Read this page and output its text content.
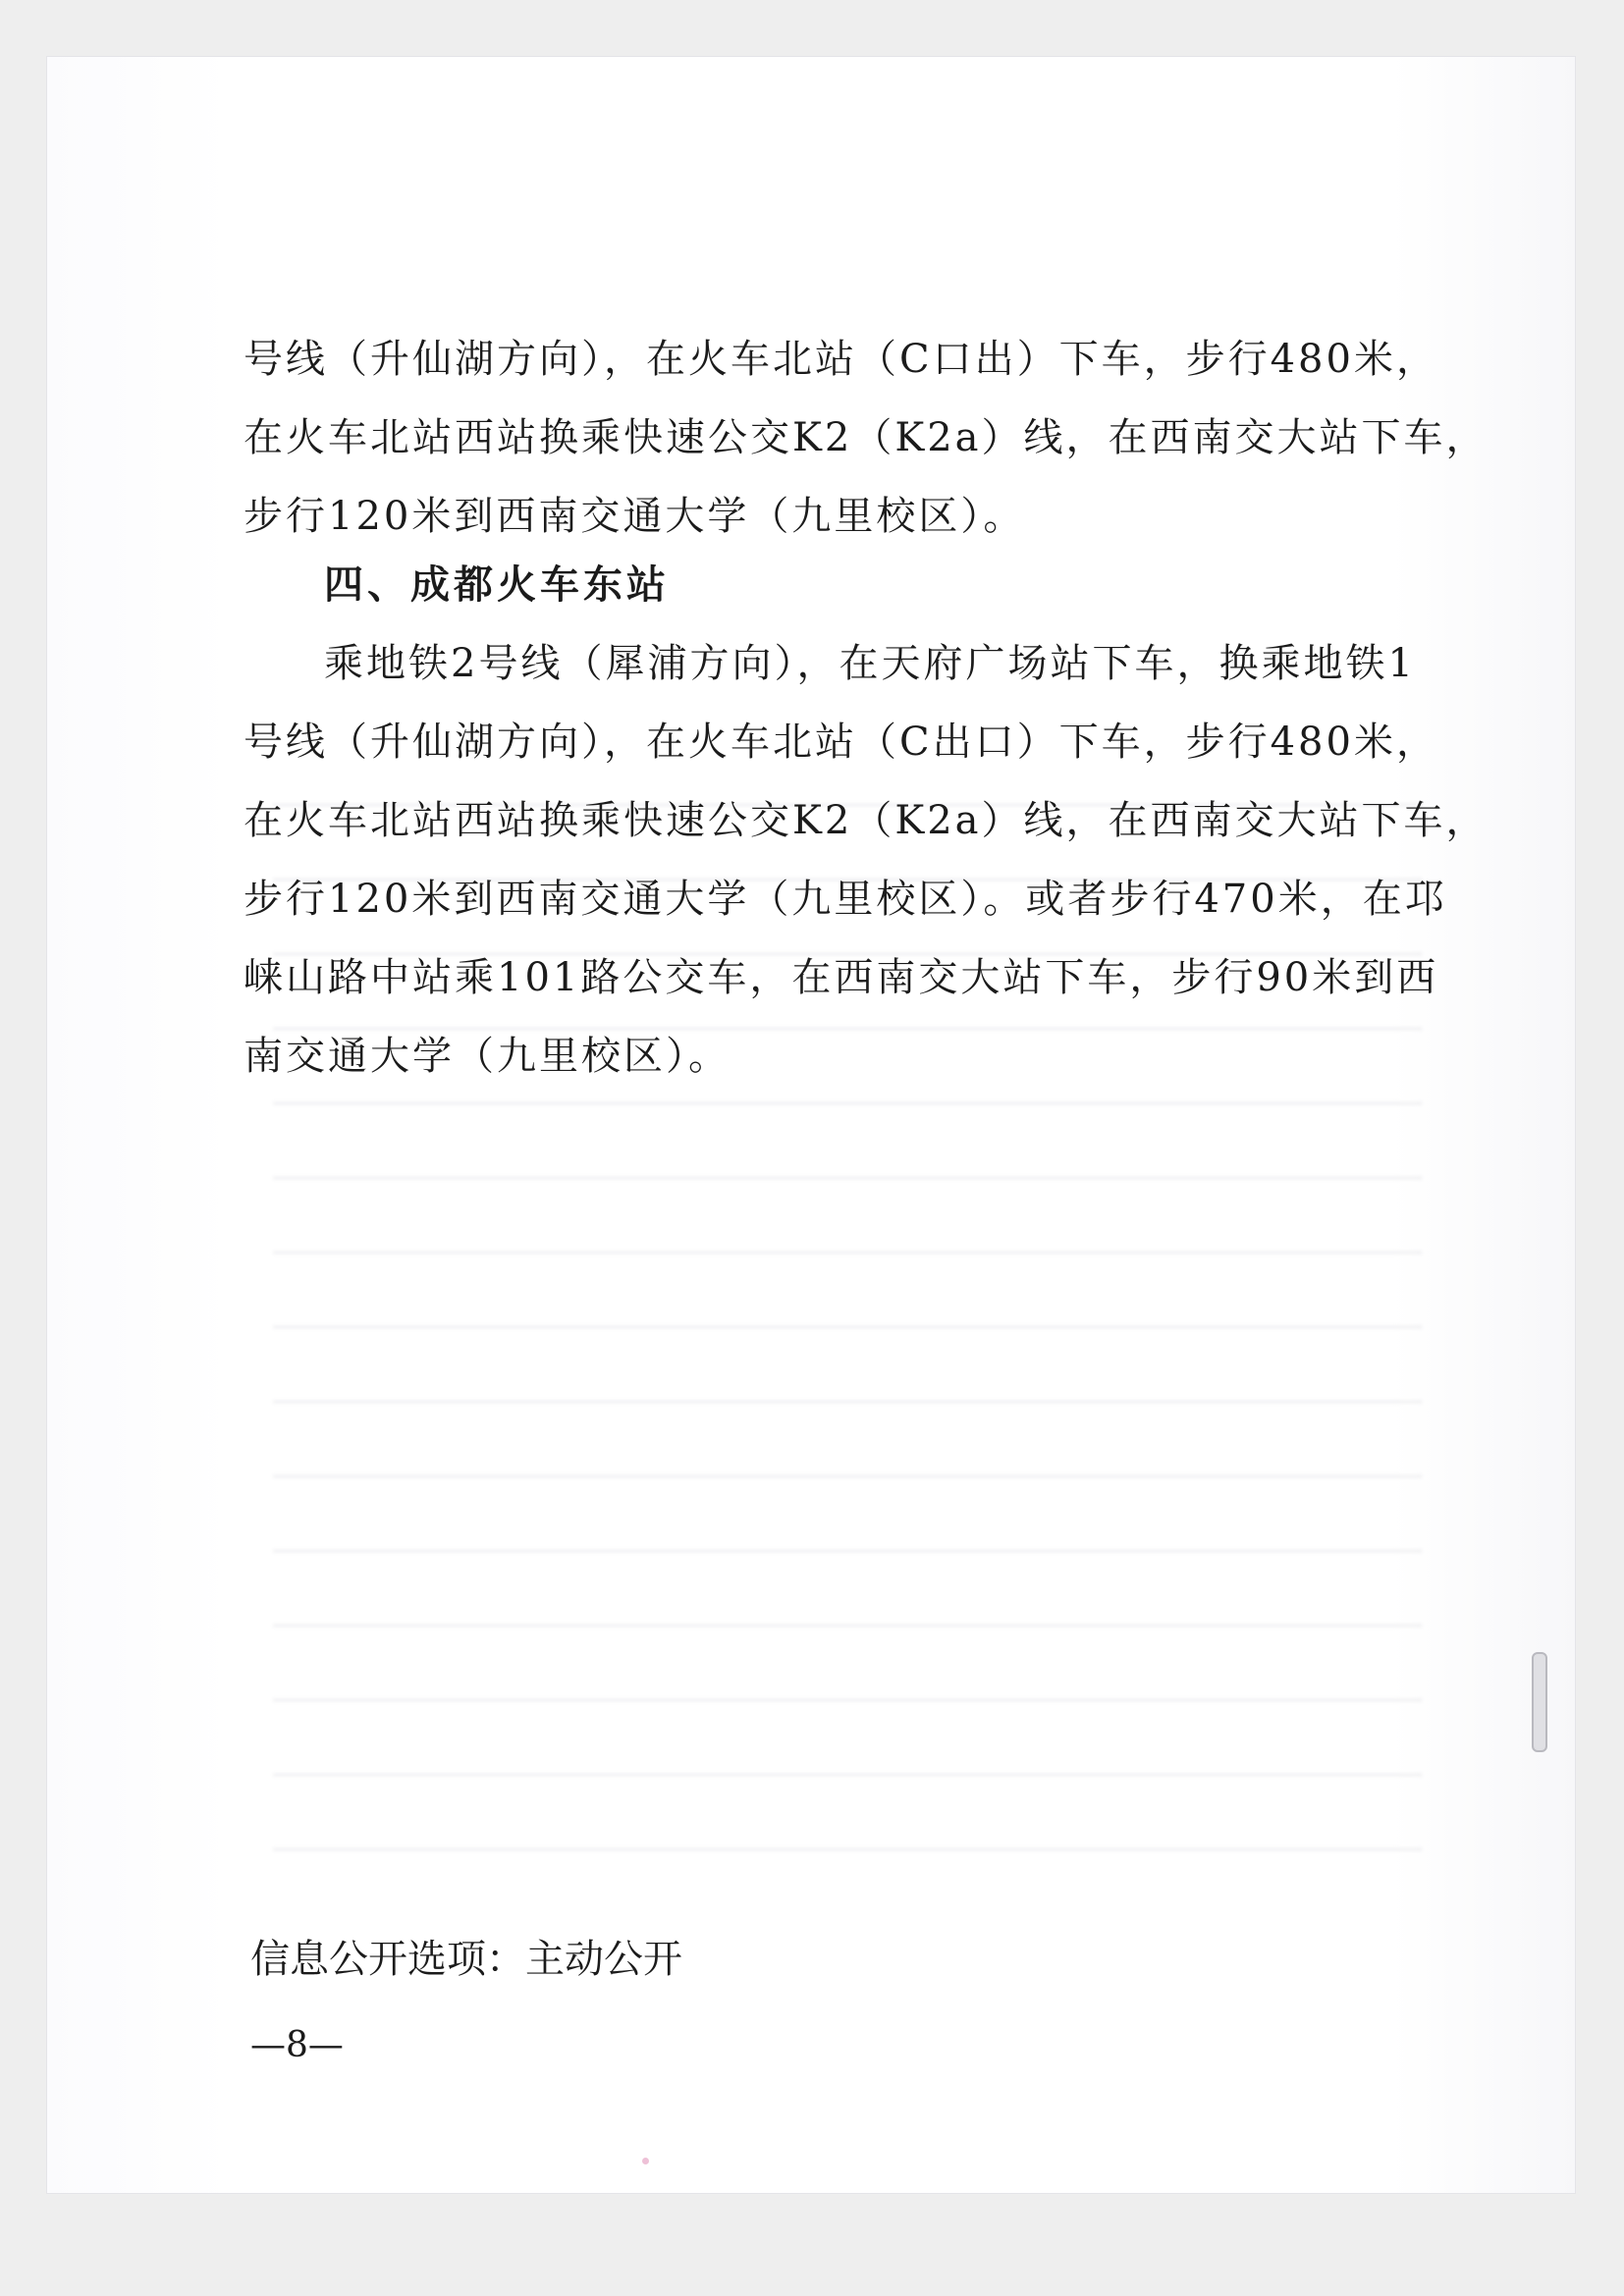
号线（升仙湖方向），在火车北站（C口出）下车，步行480米，
在火车北站西站换乘快速公交K2（K2a）线，在西南交大站下车，
步行120米到西南交通大学（九里校区）。
四、成都火车东站
乘地铁2号线（犀浦方向），在天府广场站下车，换乘地铁1
号线（升仙湖方向），在火车北站（C出口）下车，步行480米，
在火车北站西站换乘快速公交K2（K2a）线，在西南交大站下车，
步行120米到西南交通大学（九里校区）。或者步行470米，在邛
崃山路中站乘101路公交车，在西南交大站下车，步行90米到西
南交通大学（九里校区）。
信息公开选项：主动公开
—8—
